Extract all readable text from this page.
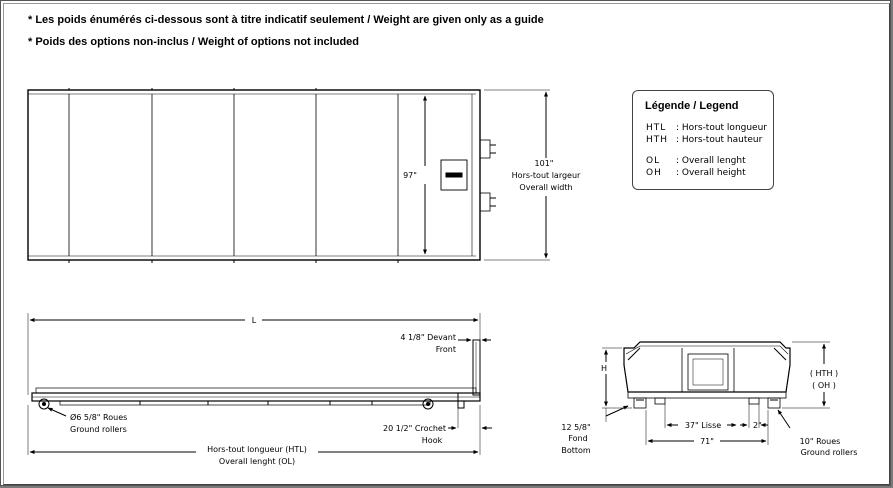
* Les poids énumérés ci-dessous sont à titre indicatif seulement / Weight are given only as a guide
* Poids des options non-inclus / Weight of options not included
97"
101"
Hors-tout largeur
Overall width
L
4 1/8" Devant
Front
Ø6 5/8" Roues
Ground rollers	20 1/2" Crochet
Hook
Hors-tout longueur (HTL)
Overall lenght (OL)
H
( HTH )
( OH )
12 5/8"
Fond
Bottom
37" Lisse	2"
71"	10" Roues
Ground rollers
Légende / Legend
HTL : Hors-tout longueur
HTH : Hors-tout hauteur
OL : Overall lenght
OH : Overall height
